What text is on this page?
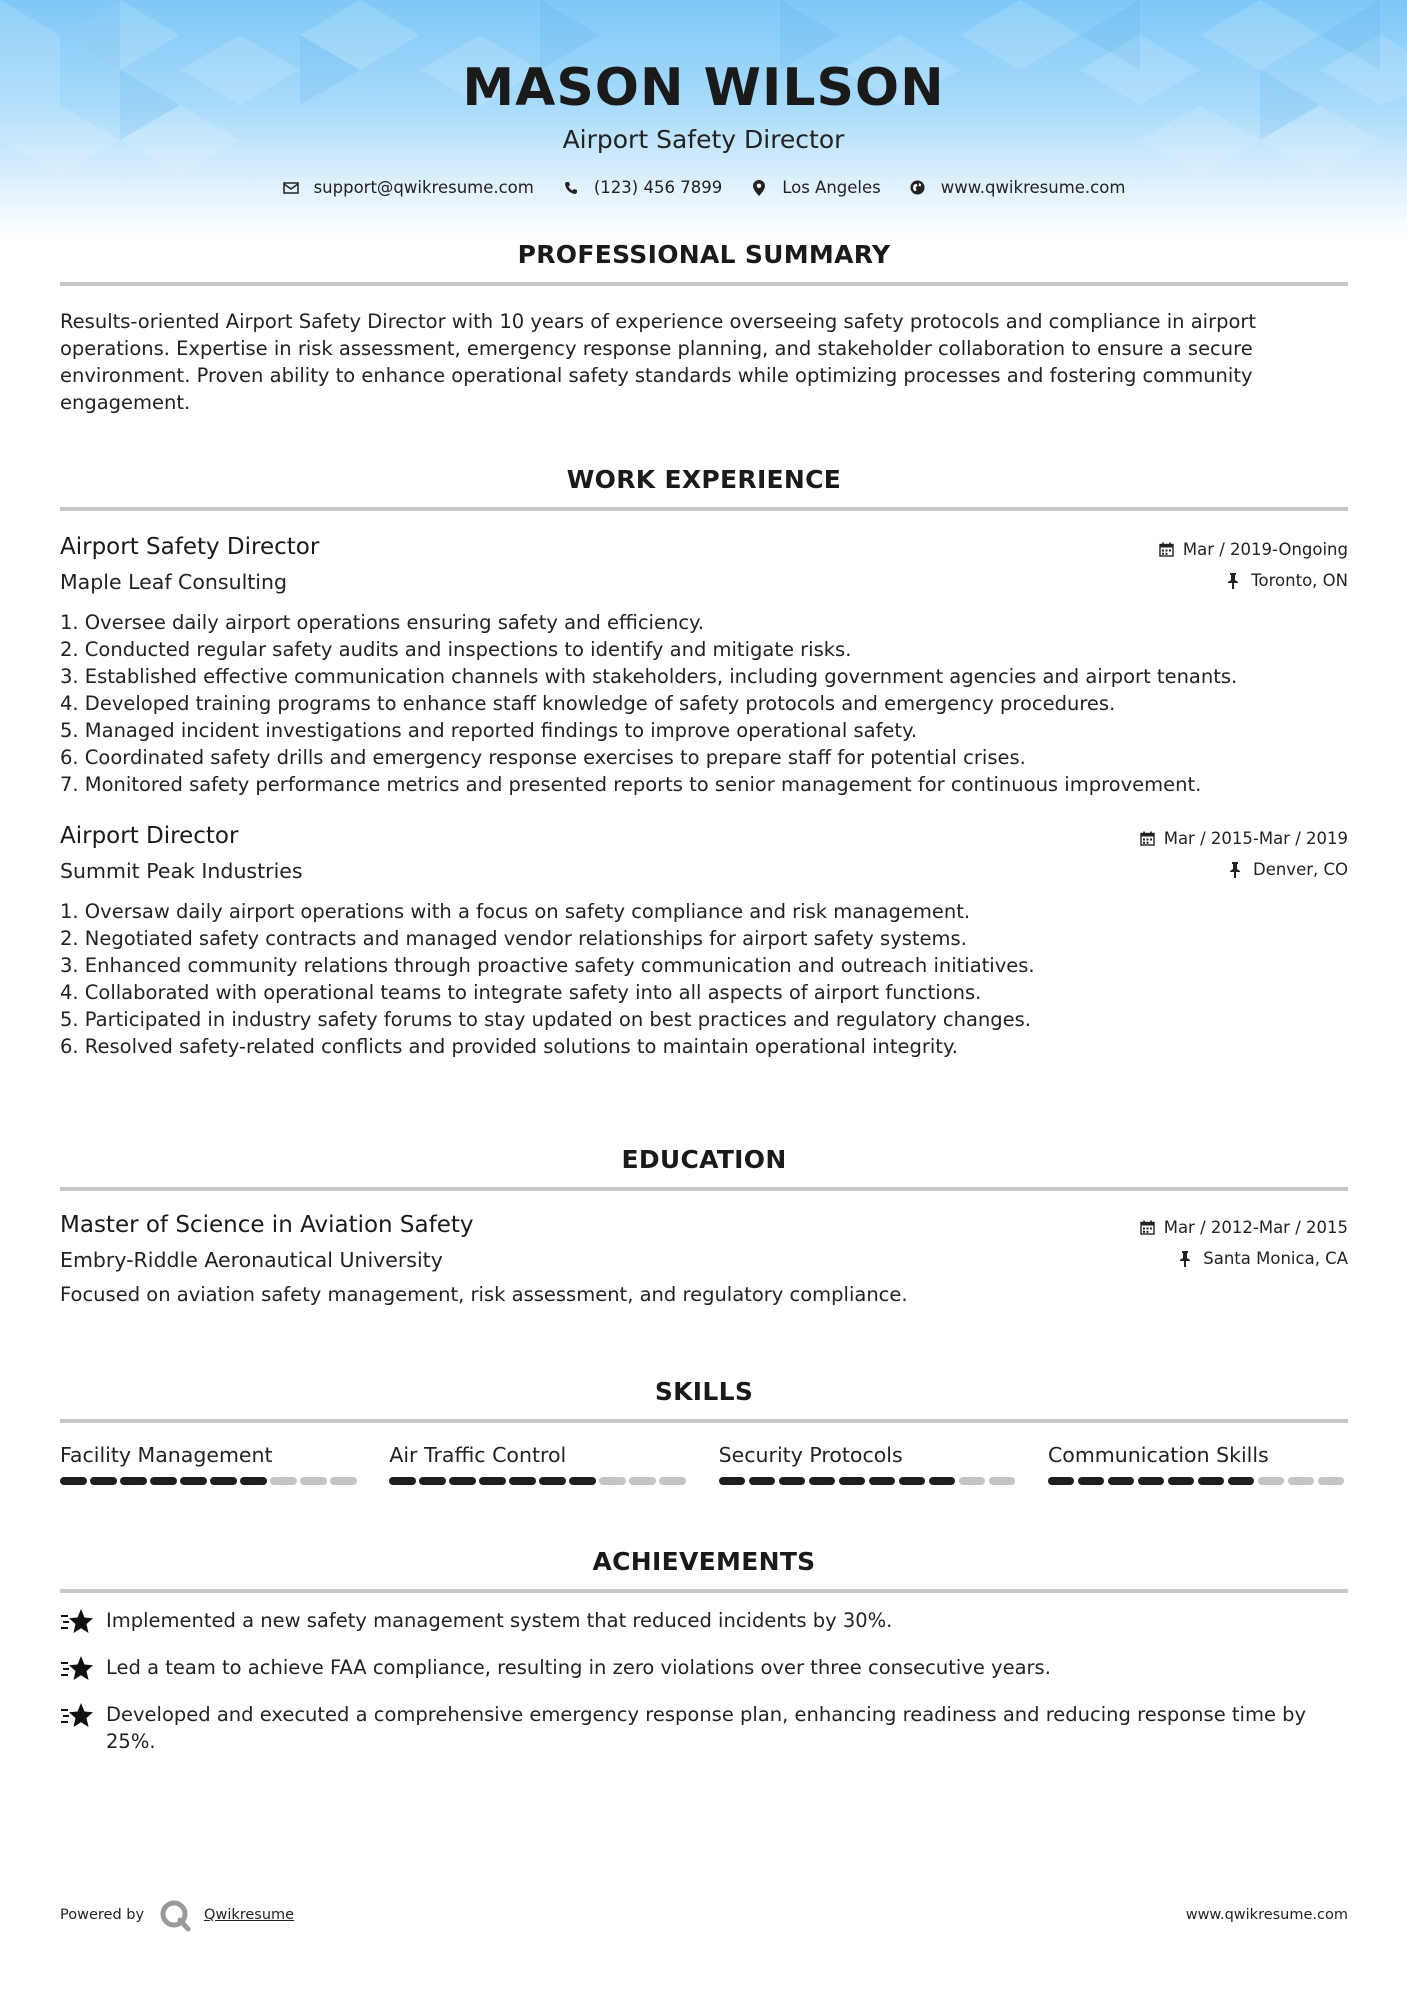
MASON WILSON
Airport Safety Director
support@qwikresume.com	(123) 456 7899	Los Angeles	www.qwikresume.com
PROFESSIONAL SUMMARY
Results-oriented Airport Safety Director with 10 years of experience overseeing safety protocols and compliance in airport operations. Expertise in risk assessment, emergency response planning, and stakeholder collaboration to ensure a secure environment. Proven ability to enhance operational safety standards while optimizing processes and fostering community engagement.
WORK EXPERIENCE
Airport Safety Director
Maple Leaf Consulting
Mar / 2019-Ongoing
Toronto, ON
1. Oversee daily airport operations ensuring safety and efficiency.
2. Conducted regular safety audits and inspections to identify and mitigate risks.
3. Established effective communication channels with stakeholders, including government agencies and airport tenants.
4. Developed training programs to enhance staff knowledge of safety protocols and emergency procedures.
5. Managed incident investigations and reported findings to improve operational safety.
6. Coordinated safety drills and emergency response exercises to prepare staff for potential crises.
7. Monitored safety performance metrics and presented reports to senior management for continuous improvement.
Airport Director
Summit Peak Industries
Mar / 2015-Mar / 2019
Denver, CO
1. Oversaw daily airport operations with a focus on safety compliance and risk management.
2. Negotiated safety contracts and managed vendor relationships for airport safety systems.
3. Enhanced community relations through proactive safety communication and outreach initiatives.
4. Collaborated with operational teams to integrate safety into all aspects of airport functions.
5. Participated in industry safety forums to stay updated on best practices and regulatory changes.
6. Resolved safety-related conflicts and provided solutions to maintain operational integrity.
EDUCATION
Master of Science in Aviation Safety
Embry-Riddle Aeronautical University
Mar / 2012-Mar / 2015
Santa Monica, CA
Focused on aviation safety management, risk assessment, and regulatory compliance.
SKILLS
Facility Management	Air Traffic Control	Security Protocols	Communication Skills
ACHIEVEMENTS
Implemented a new safety management system that reduced incidents by 30%.
Led a team to achieve FAA compliance, resulting in zero violations over three consecutive years.
Developed and executed a comprehensive emergency response plan, enhancing readiness and reducing response time by 25%.
Powered by	Qwikresume	www.qwikresume.com
